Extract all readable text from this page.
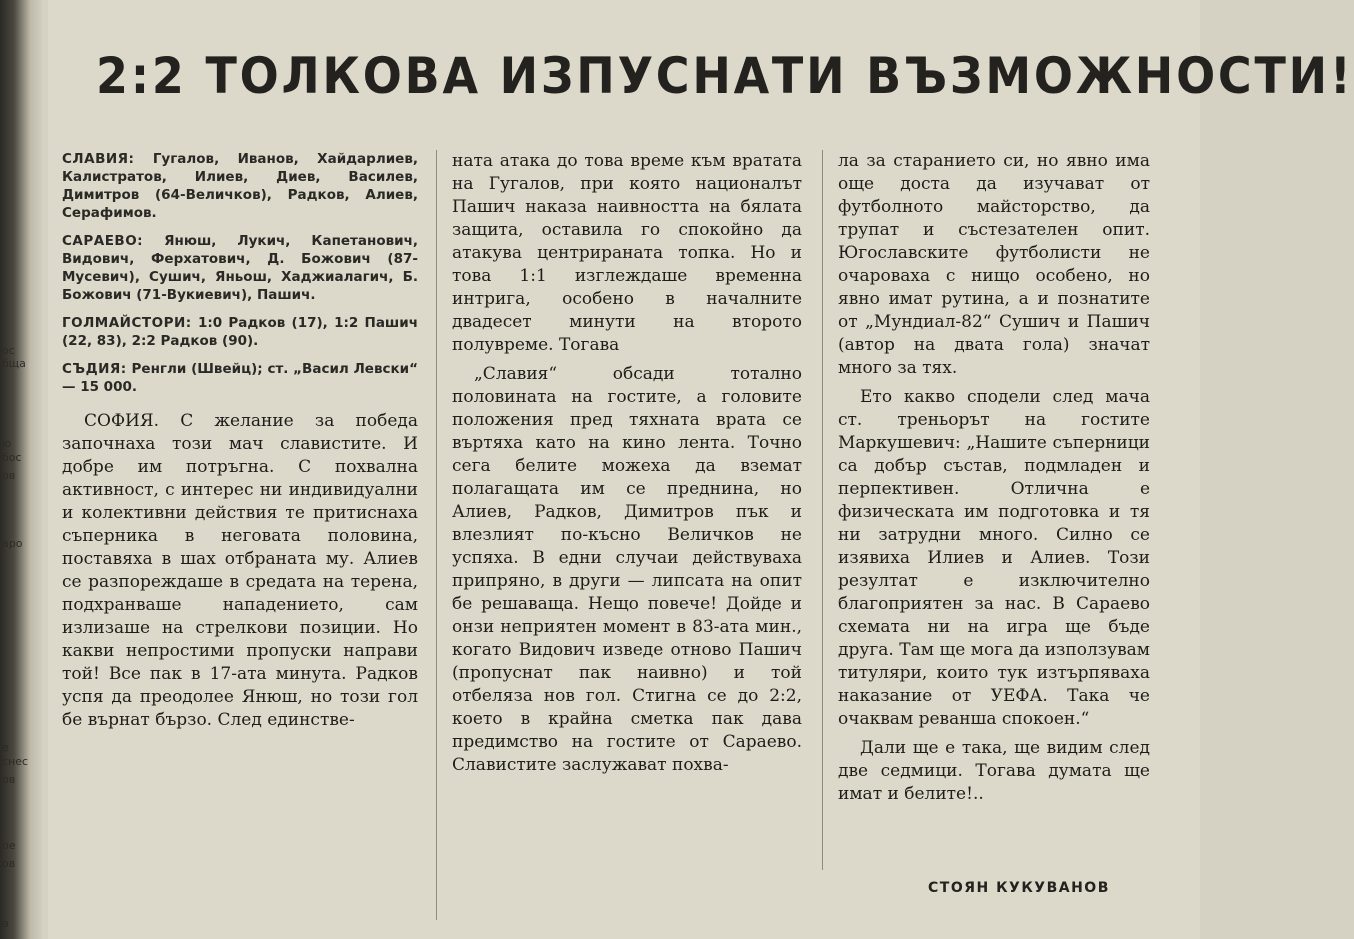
ос
бща
ю
бос
ов
аро
е
снес
ов
ое
ов
а
2:2 ТОЛКОВА ИЗПУСНАТИ ВЪЗМОЖНОСТИ!

СЛАВИЯ: Гугалов, Иванов, Хайдарлиев, Калистратов, Илиев, Диев, Василев, Димитров (64-Величков), Радков, Алиев, Серафимов.

САРАЕВО: Янюш, Лукич, Капетанович, Видович, Ферхатович, Д. Божович (87-Мусевич), Сушич, Яньош, Хаджиалагич, Б. Божович (71-Вукиевич), Пашич.

ГОЛМАЙСТОРИ: 1:0 Радков (17), 1:2 Пашич (22, 83), 2:2 Радков (90).

СЪДИЯ: Ренгли (Швейц); ст. „Васил Левски“ — 15 000.

СОФИЯ. С желание за победа започнаха този мач славистите. И добре им потръгна. С похвална активност, с интерес ни индивидуални и колективни действия те притиснаха съперника в неговата половина, поставяха в шах отбраната му. Алиев се разпореждаше в средата на терена, подхранваше нападението, сам излизаше на стрелкови позиции. Но какви непростими пропуски направи той! Все пак в 17-ата минута. Радков успя да преодолее Янюш, но този гол бе върнат бързо. След единстве-

ната атака до това време към вратата на Гугалов, при която националът Пашич наказа наивността на бялата защита, оставила го спокойно да атакува центрираната топка. Но и това 1:1 изглеждаше временна интрига, особено в началните двадесет минути на второто полувреме. Тогава

„Славия“ обсади тотално половината на гостите, а головите положения пред тяхната врата се въртяха като на кино лента. Точно сега белите можеха да вземат полагащата им се преднина, но Алиев, Радков, Димитров пък и влезлият по-късно Величков не успяха. В едни случаи действуваха припряно, в други — липсата на опит бе решаваща. Нещо повече! Дойде и онзи неприятен момент в 83-ата мин., когато Видович изведе отново Пашич (пропуснат пак наивно) и той отбеляза нов гол. Стигна се до 2:2, което в крайна сметка пак дава предимство на гостите от Сараево. Славистите заслужават похва-

ла за старанието си, но явно има още доста да изучават от футболното майсторство, да трупат и състезателен опит. Югославските футболисти не очароваха с нищо особено, но явно имат рутина, а и познатите от „Мундиал-82“ Сушич и Пашич (автор на двата гола) значат много за тях.

Ето какво сподели след мача ст. треньорът на гостите Маркушевич: „Нашите съперници са добър състав, подмладен и перпективен. Отлична е физическата им подготовка и тя ни затрудни много. Силно се изявиха Илиев и Алиев. Този резултат е изключително благоприятен за нас. В Сараево схемата ни на игра ще бъде друга. Там ще мога да използувам титуляри, които тук изтърпяваха наказание от УЕФА. Така че очаквам реванша спокоен.“

Дали ще е така, ще видим след две седмици. Тогава думата ще имат и белите!..

СТОЯН КУКУВАНОВ
